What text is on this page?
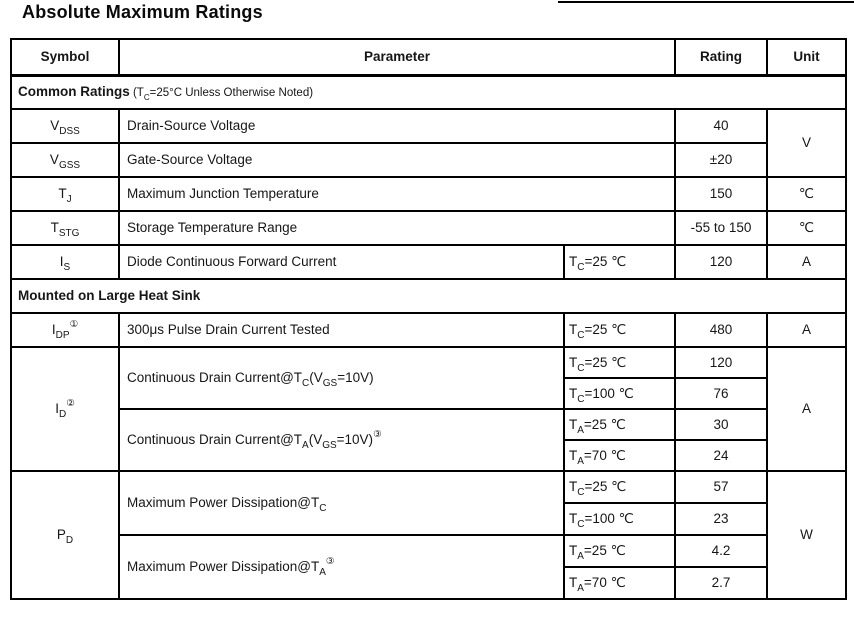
Absolute Maximum Ratings
Symbol	Parameter		Rating	Unit
Common Ratings ($T_C=25^\circ C$ Unless Otherwise Noted)				
$V_{DSS}$	Drain-Source Voltage		40	V
$V_{GSS}$	Gate-Source Voltage		±20	
$T_J$	Maximum Junction Temperature		150	℃
$T_{STG}$	Storage Temperature Range		-55 to 150	℃
$I_S$	Diode Continuous Forward Current	$T_C=25$ ℃	120	A
Mounted on Large Heat Sink				
$I_{DP}^①$	300μs Pulse Drain Current Tested	$T_C=25$ ℃	480	A
$I_D^②$	Continuous Drain $Current@T_C(V_{GS}=10V)$	$T_C=25$ ℃	120	A
		$T_C=100$ ℃	76	
	Continuous Drain $Current@T_A(V_{GS}=10V)^③$	$T_A=25$ ℃	30	
		$T_A=70$ ℃	24	
$P_D$	Maximum Power $Dissipation@T_C$	$T_C=25$ ℃	57	W
		$T_C=100$ ℃	23	
	Maximum Power $Dissipation@T_A^③$	$T_A=25$ ℃	4.2	
		$T_A=70$ ℃	2.7	
